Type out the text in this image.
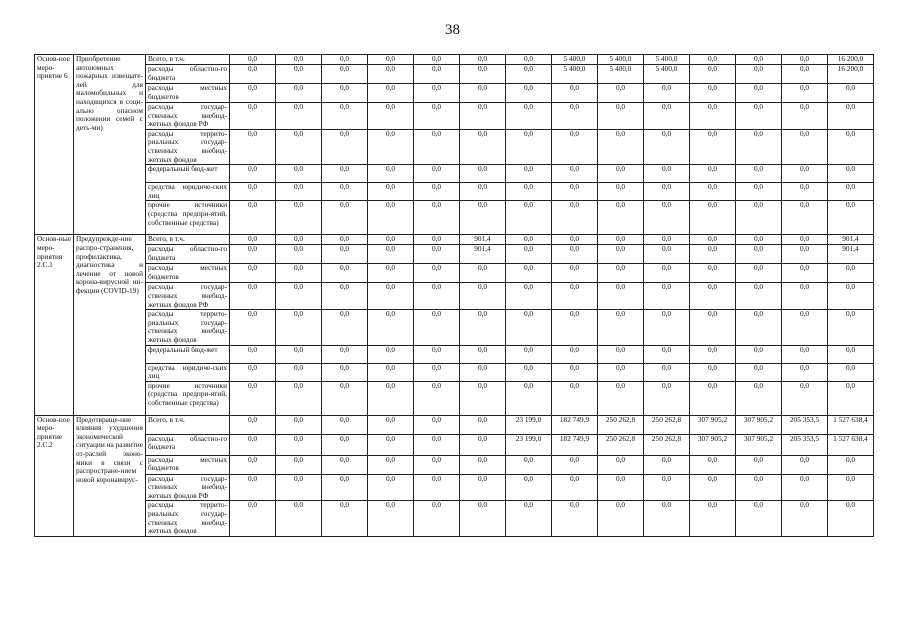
38
Основ-ное меро-приятие 6	Приобретение автономных пожарных извещате-лей для маломобильных и находящихся в соци-ально опасном положении семей с деть-ми)	Всего, в т.ч.	0,0	0,0	0,0	0,0	0,0	0,0	0,0	5 400,0	5 400,0	5 400,0	0,0	0,0	0,0	16 200,0
		расходы областно-го бюджета	0,0	0,0	0,0	0,0	0,0	0,0	0,0	5 400,0	5 400,0	5 400,0	0,0	0,0	0,0	16 200,0
		расходы местных бюджетов	0,0	0,0	0,0	0,0	0,0	0,0	0,0	0,0	0,0	0,0	0,0	0,0	0,0	0,0
		расходы государ-ственных внебюд-жетных фондов РФ	0,0	0,0	0,0	0,0	0,0	0,0	0,0	0,0	0,0	0,0	0,0	0,0	0,0	0,0
		расходы террито-риальных государ-ственных внебюд-жетных фондов	0,0	0,0	0,0	0,0	0,0	0,0	0,0	0,0	0,0	0,0	0,0	0,0	0,0	0,0
		федеральный бюд-жет	0,0	0,0	0,0	0,0	0,0	0,0	0,0	0,0	0,0	0,0	0,0	0,0	0,0	0,0
		средства юридиче-ских лиц	0,0	0,0	0,0	0,0	0,0	0,0	0,0	0,0	0,0	0,0	0,0	0,0	0,0	0,0
		прочие источники (средства предпри-ятий, собственные средства)	0,0	0,0	0,0	0,0	0,0	0,0	0,0	0,0	0,0	0,0	0,0	0,0	0,0	0,0
Основ-ные меро-приятия 2.С.1	Предупрежде-ние распро-странения, профилактика, диагностика и лечение от новой корона-вирусной ин-фекции (COVID-19)	Всего, в т.ч.	0,0	0,0	0,0	0,0	0,0	901,4	0,0	0,0	0,0	0,0	0,0	0,0	0,0	901,4
		расходы областно-го бюджета	0,0	0,0	0,0	0,0	0,0	901,4	0,0	0,0	0,0	0,0	0,0	0,0	0,0	901,4
		расходы местных бюджетов	0,0	0,0	0,0	0,0	0,0	0,0	0,0	0,0	0,0	0,0	0,0	0,0	0,0	0,0
		расходы государ-ственных внебюд-жетных фондов РФ	0,0	0,0	0,0	0,0	0,0	0,0	0,0	0,0	0,0	0,0	0,0	0,0	0,0	0,0
		расходы террито-риальных государ-ственных внебюд-жетных фондов	0,0	0,0	0,0	0,0	0,0	0,0	0,0	0,0	0,0	0,0	0,0	0,0	0,0	0,0
		федеральный бюд-жет	0,0	0,0	0,0	0,0	0,0	0,0	0,0	0,0	0,0	0,0	0,0	0,0	0,0	0,0
		средства юридиче-ских лиц	0,0	0,0	0,0	0,0	0,0	0,0	0,0	0,0	0,0	0,0	0,0	0,0	0,0	0,0
		прочие источники (средства предпри-ятий, собственные средства)	0,0	0,0	0,0	0,0	0,0	0,0	0,0	0,0	0,0	0,0	0,0	0,0	0,0	0,0
Основ-ное меро-приятие 2.С.2	Предотвраще-ние влияния ухудшения экономической ситуации на развитие от-раслей эконо-мики в связи с распростране-нием новой коронавирус-	Всего, в т.ч.	0,0	0,0	0,0	0,0	0,0	0,0	23 199,0	182 749,9	250 262,8	250 262,8	307 905,2	307 905,2	205 353,5	1 527 638,4
		расходы областно-го бюджета	0,0	0,0	0,0	0,0	0,0	0,0	23 199,0	182 749,9	250 262,8	250 262,8	307 905,2	307 905,2	205 353,5	1 527 638,4
		расходы местных бюджетов	0,0	0,0	0,0	0,0	0,0	0,0	0,0	0,0	0,0	0,0	0,0	0,0	0,0	0,0
		расходы государ-ственных внебюд-жетных фондов РФ	0,0	0,0	0,0	0,0	0,0	0,0	0,0	0,0	0,0	0,0	0,0	0,0	0,0	0,0
		расходы террито-риальных государ-ственных внебюд-жетных фондов	0,0	0,0	0,0	0,0	0,0	0,0	0,0	0,0	0,0	0,0	0,0	0,0	0,0	0,0
